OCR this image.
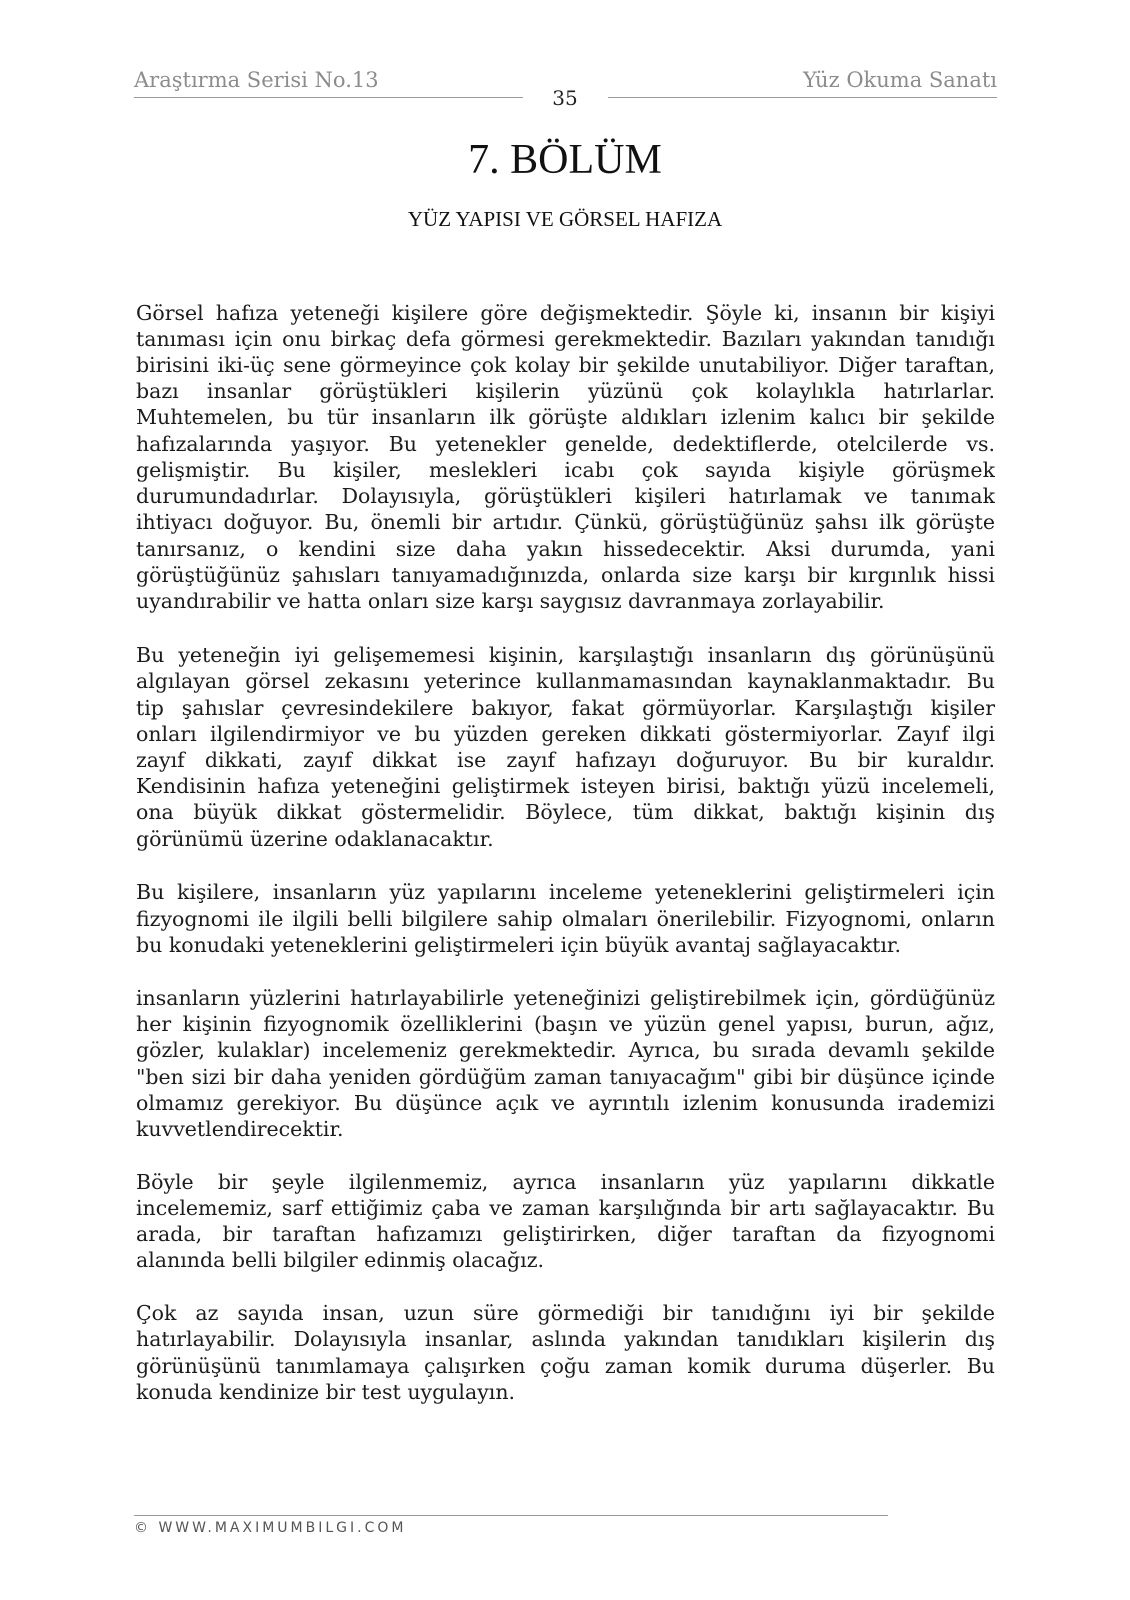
Araştırma Serisi No.13	Yüz Okuma Sanatı
35
7. BÖLÜM
YÜZ YAPISI VE GÖRSEL HAFIZA
Görsel hafıza yeteneği kişilere göre değişmektedir. Şöyle ki, insanın bir kişiyi
tanıması için onu birkaç defa görmesi gerekmektedir. Bazıları yakından tanıdığı
birisini iki-üç sene görmeyince çok kolay bir şekilde unutabiliyor. Diğer taraftan,
bazı insanlar görüştükleri kişilerin yüzünü çok kolaylıkla hatırlarlar.
Muhtemelen, bu tür insanların ilk görüşte aldıkları izlenim kalıcı bir şekilde
hafızalarında yaşıyor. Bu yetenekler genelde, dedektiflerde, otelcilerde vs.
gelişmiştir. Bu kişiler, meslekleri icabı çok sayıda kişiyle görüşmek
durumundadırlar. Dolayısıyla, görüştükleri kişileri hatırlamak ve tanımak
ihtiyacı doğuyor. Bu, önemli bir artıdır. Çünkü, görüştüğünüz şahsı ilk görüşte
tanırsanız, o kendini size daha yakın hissedecektir. Aksi durumda, yani
görüştüğünüz şahısları tanıyamadığınızda, onlarda size karşı bir kırgınlık hissi
uyandırabilir ve hatta onları size karşı saygısız davranmaya zorlayabilir.
Bu yeteneğin iyi gelişememesi kişinin, karşılaştığı insanların dış görünüşünü
algılayan görsel zekasını yeterince kullanmamasından kaynaklanmaktadır. Bu
tip şahıslar çevresindekilere bakıyor, fakat görmüyorlar. Karşılaştığı kişiler
onları ilgilendirmiyor ve bu yüzden gereken dikkati göstermiyorlar. Zayıf ilgi
zayıf dikkati, zayıf dikkat ise zayıf hafızayı doğuruyor. Bu bir kuraldır.
Kendisinin hafıza yeteneğini geliştirmek isteyen birisi, baktığı yüzü incelemeli,
ona büyük dikkat göstermelidir. Böylece, tüm dikkat, baktığı kişinin dış
görünümü üzerine odaklanacaktır.
Bu kişilere, insanların yüz yapılarını inceleme yeteneklerini geliştirmeleri için
fizyognomi ile ilgili belli bilgilere sahip olmaları önerilebilir. Fizyognomi, onların
bu konudaki yeteneklerini geliştirmeleri için büyük avantaj sağlayacaktır.
insanların yüzlerini hatırlayabilirle yeteneğinizi geliştirebilmek için, gördüğünüz
her kişinin fizyognomik özelliklerini (başın ve yüzün genel yapısı, burun, ağız,
gözler, kulaklar) incelemeniz gerekmektedir. Ayrıca, bu sırada devamlı şekilde
"ben sizi bir daha yeniden gördüğüm zaman tanıyacağım" gibi bir düşünce içinde
olmamız gerekiyor. Bu düşünce açık ve ayrıntılı izlenim konusunda irademizi
kuvvetlendirecektir.
Böyle bir şeyle ilgilenmemiz, ayrıca insanların yüz yapılarını dikkatle
incelememiz, sarf ettiğimiz çaba ve zaman karşılığında bir artı sağlayacaktır. Bu
arada, bir taraftan hafızamızı geliştirirken, diğer taraftan da fizyognomi
alanında belli bilgiler edinmiş olacağız.
Çok az sayıda insan, uzun süre görmediği bir tanıdığını iyi bir şekilde
hatırlayabilir. Dolayısıyla insanlar, aslında yakından tanıdıkları kişilerin dış
görünüşünü tanımlamaya çalışırken çoğu zaman komik duruma düşerler. Bu
konuda kendinize bir test uygulayın.
© WWW.MAXIMUMBILGI.COM
